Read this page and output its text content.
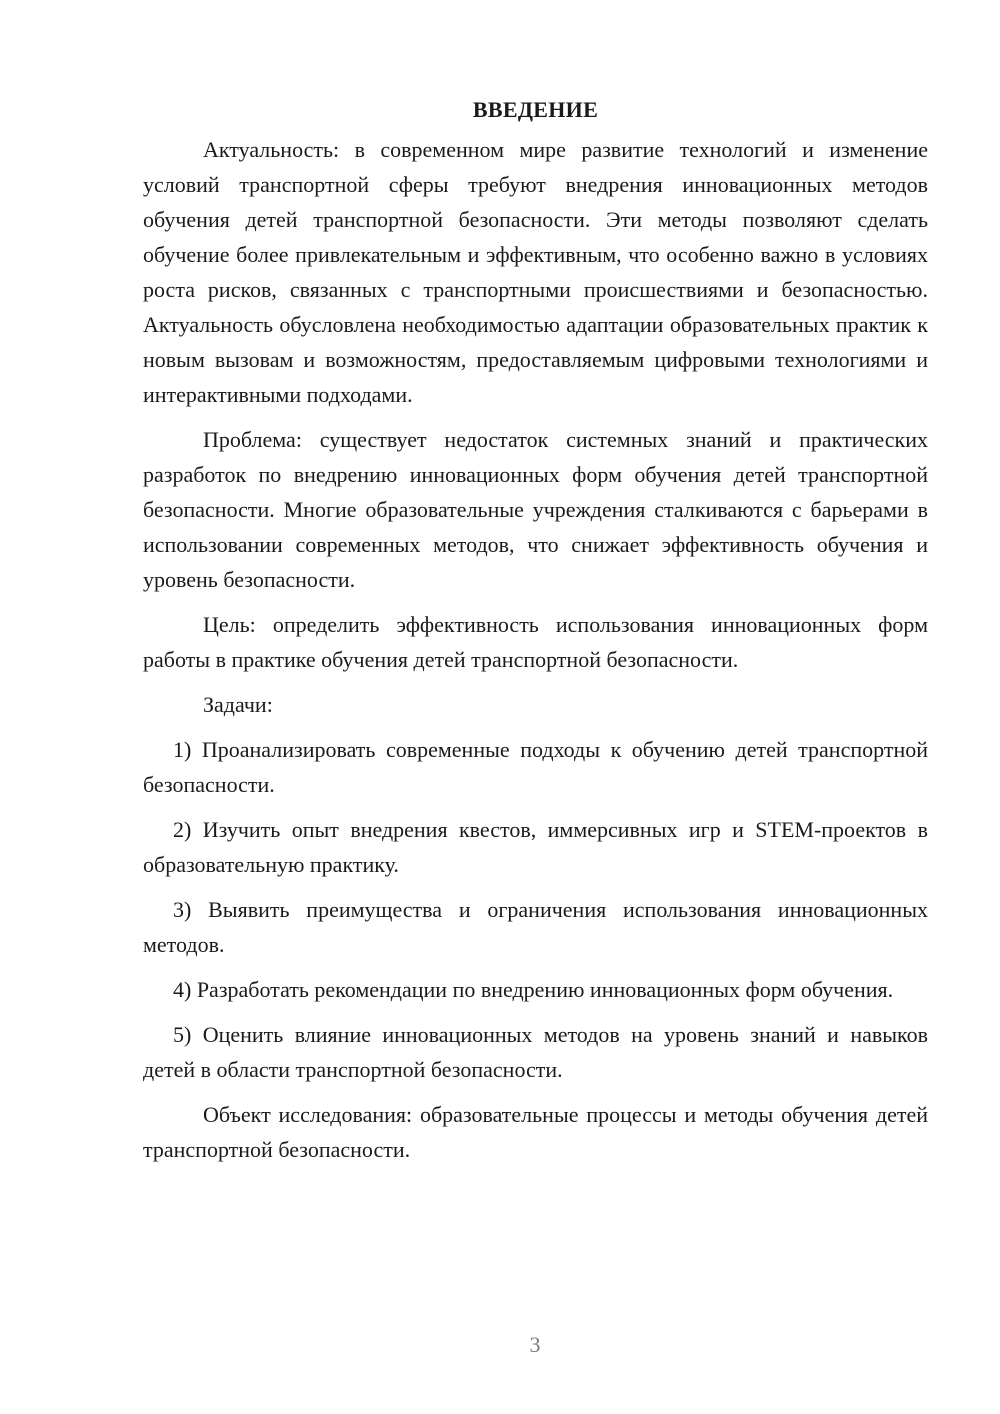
ВВЕДЕНИЕ

Актуальность: в современном мире развитие технологий и изменение условий транспортной сферы требуют внедрения инновационных методов обучения детей транспортной безопасности. Эти методы позволяют сделать обучение более привлекательным и эффективным, что особенно важно в условиях роста рисков, связанных с транспортными происшествиями и безопасностью. Актуальность обусловлена необходимостью адаптации образовательных практик к новым вызовам и возможностям, предоставляемым цифровыми технологиями и интерактивными подходами.

Проблема: существует недостаток системных знаний и практических разработок по внедрению инновационных форм обучения детей транспортной безопасности. Многие образовательные учреждения сталкиваются с барьерами в использовании современных методов, что снижает эффективность обучения и уровень безопасности.

Цель: определить эффективность использования инновационных форм работы в практике обучения детей транспортной безопасности.

Задачи:

1) Проанализировать современные подходы к обучению детей транспортной безопасности.

2) Изучить опыт внедрения квестов, иммерсивных игр и STEM-проектов в образовательную практику.

3) Выявить преимущества и ограничения использования инновационных методов.

4) Разработать рекомендации по внедрению инновационных форм обучения.

5) Оценить влияние инновационных методов на уровень знаний и навыков детей в области транспортной безопасности.

Объект исследования: образовательные процессы и методы обучения детей транспортной безопасности.

3
